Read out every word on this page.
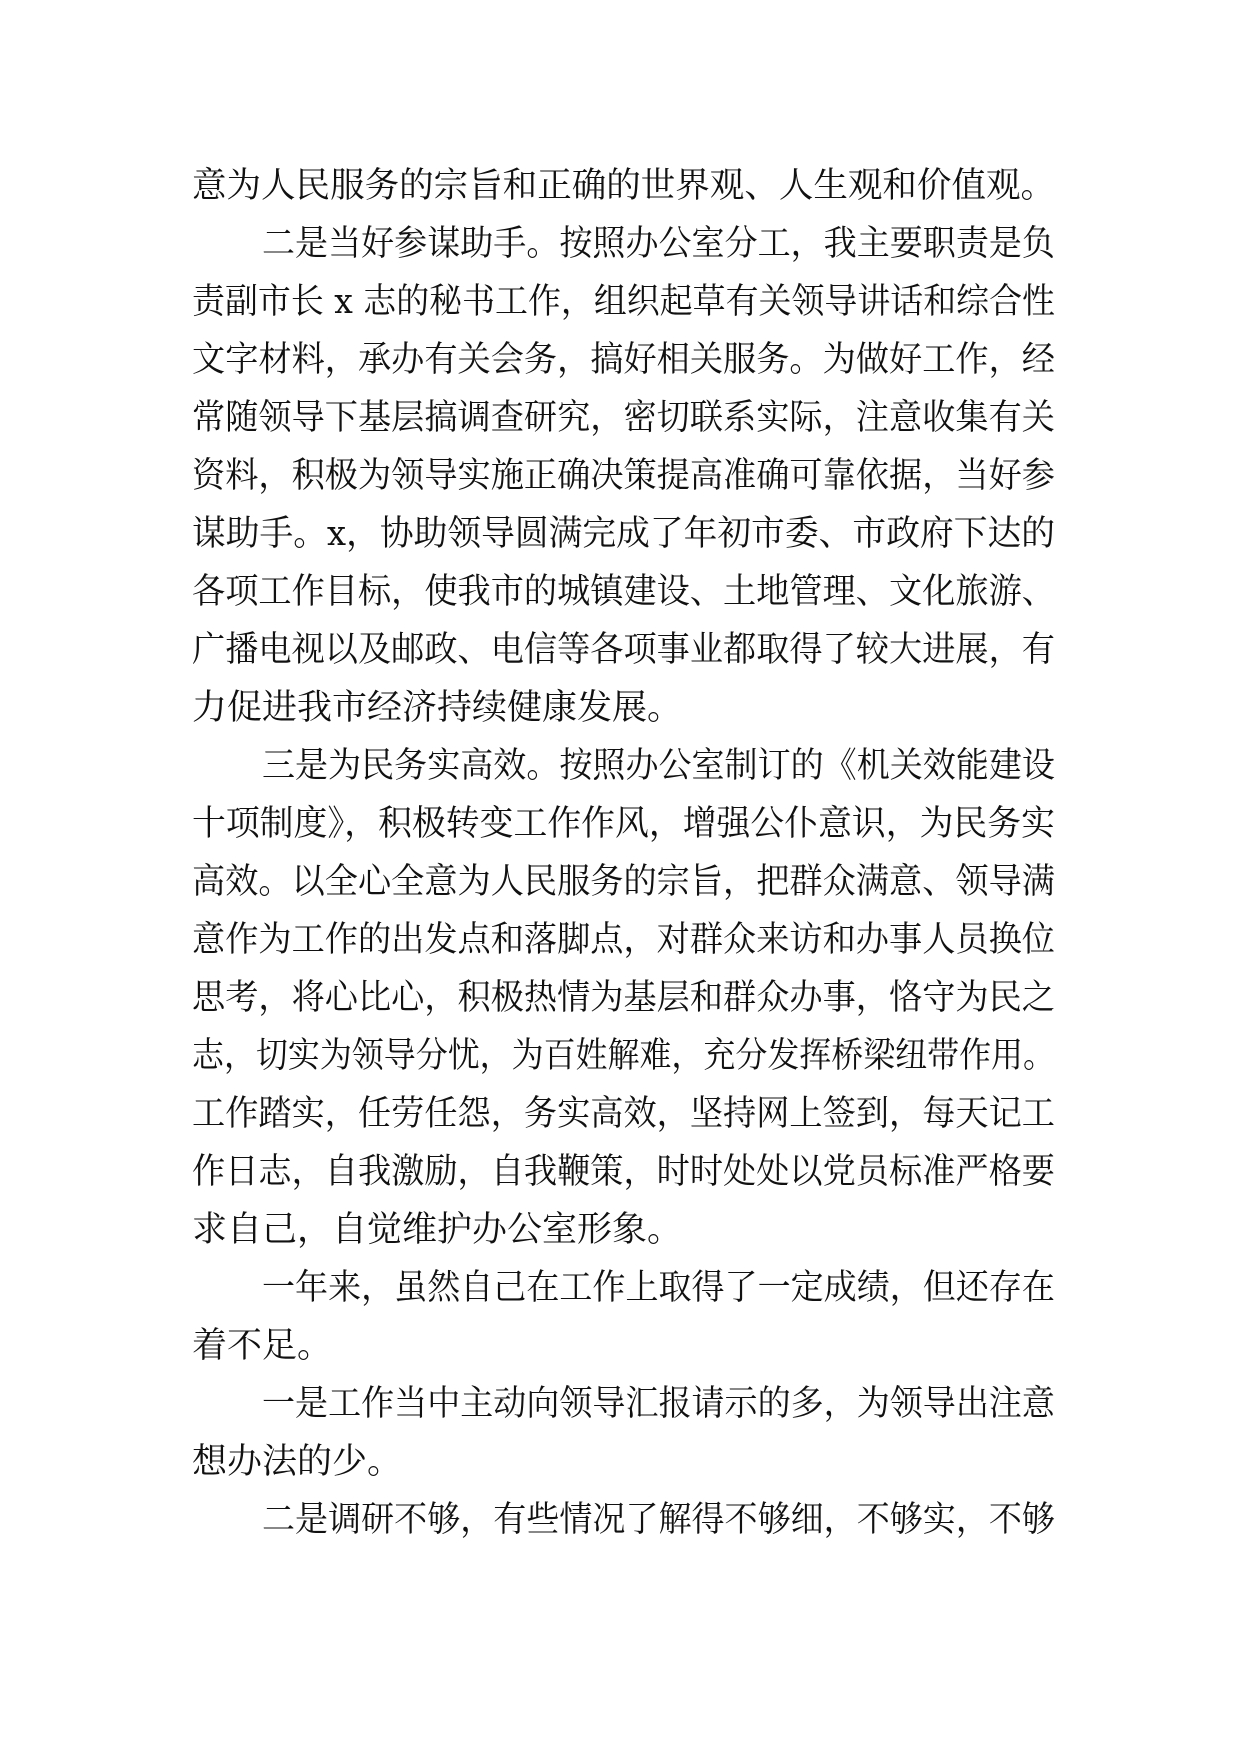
意为人民服务的宗旨和正确的世界观、人生观和价值观。
二是当好参谋助手。按照办公室分工，我主要职责是负
责副市长 x 志的秘书工作，组织起草有关领导讲话和综合性
文字材料，承办有关会务，搞好相关服务。为做好工作，经
常随领导下基层搞调查研究，密切联系实际，注意收集有关
资料，积极为领导实施正确决策提高准确可靠依据，当好参
谋助手。x，协助领导圆满完成了年初市委、市政府下达的
各项工作目标，使我市的城镇建设、土地管理、文化旅游、
广播电视以及邮政、电信等各项事业都取得了较大进展，有
力促进我市经济持续健康发展。
三是为民务实高效。按照办公室制订的《机关效能建设
十项制度》，积极转变工作作风，增强公仆意识，为民务实
高效。以全心全意为人民服务的宗旨，把群众满意、领导满
意作为工作的出发点和落脚点，对群众来访和办事人员换位
思考，将心比心，积极热情为基层和群众办事，恪守为民之
志，切实为领导分忧，为百姓解难，充分发挥桥梁纽带作用。
工作踏实，任劳任怨，务实高效，坚持网上签到，每天记工
作日志，自我激励，自我鞭策，时时处处以党员标准严格要
求自己，自觉维护办公室形象。
一年来，虽然自己在工作上取得了一定成绩，但还存在
着不足。
一是工作当中主动向领导汇报请示的多，为领导出注意
想办法的少。
二是调研不够，有些情况了解得不够细，不够实，不够
